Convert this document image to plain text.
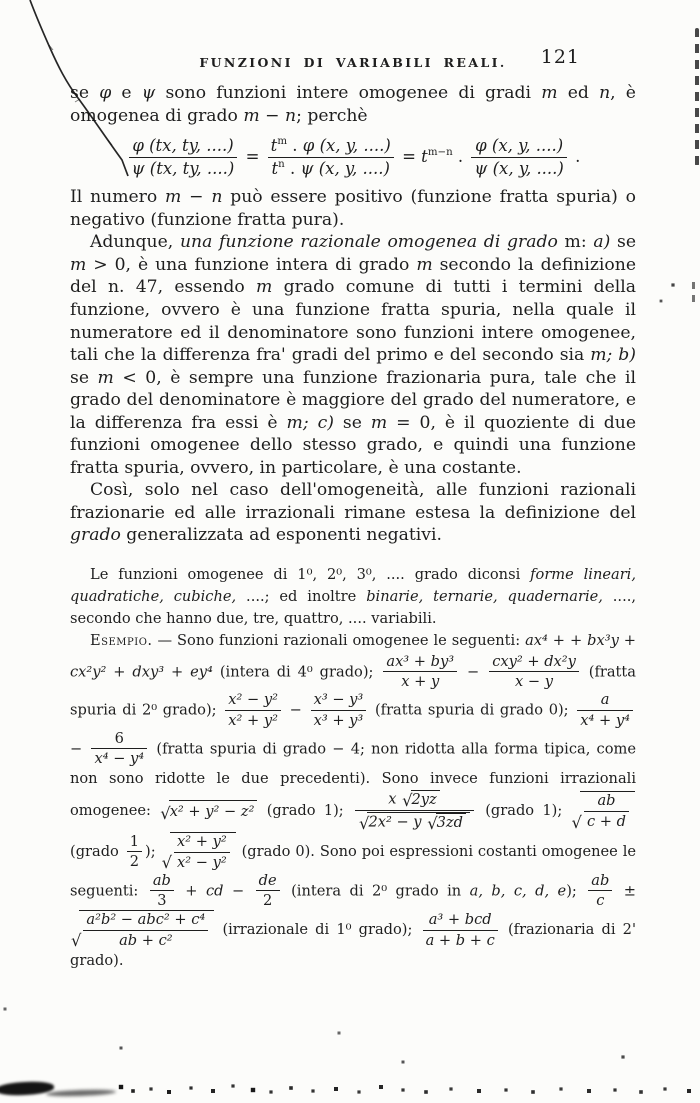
FUNZIONI DI VARIABILI REALI.	121
se φ e ψ sono funzioni intere omogenee di gradi m ed n, è omogenea di grado m − n; perchè
$\frac{\varphi (tx, ty, ....)}{\psi (tx, ty, ....)} = \frac{t^m . \varphi (x, y, ....)}{t^n . \psi (x, y, ....)} = t^{m-n}$ . $\frac{\varphi (x, y, ....)}{\psi (x, y, ....)}$ .
Il numero m − n può essere positivo (funzione fratta spuria) o negativo (funzione fratta pura).
Adunque, una funzione razionale omogenea di grado m: a) se m > 0, è una funzione intera di grado m secondo la definizione del n. 47, essendo m grado comune di tutti i termini della funzione, ovvero è una funzione fratta spuria, nella quale il numeratore ed il denominatore sono funzioni intere omogenee, tali che la differenza fra' gradi del primo e del secondo sia m; b) se m < 0, è sempre una funzione frazionaria pura, tale che il grado del denominatore è maggiore del grado del numeratore, e la differenza fra essi è m; c) se m = 0, è il quoziente di due funzioni omogenee dello stesso grado, e quindi una funzione fratta spuria, ovvero, in particolare, è una costante.
Così, solo nel caso dell'omogeneità, alle funzioni razionali frazionarie ed alle irrazionali rimane estesa la definizione del grado generalizzata ad esponenti negativi.
Le funzioni omogenee di 1⁰, 2⁰, 3⁰, .... grado diconsi forme lineari, quadratiche, cubiche, ....; ed inoltre binarie, ternarie, quadernarie, ...., secondo che hanno due, tre, quattro, .... variabili.
Esempio. — Sono funzioni razionali omogenee le seguenti: ax⁴ + + bx³y + cx²y² + dxy³ + ey⁴ (intera di 4⁰ grado); $\frac{\text{ax³ + by³}}{x + y} - \frac{\text{cxy² + dx²y}}{x - y}$ (fratta spuria di 2⁰ grado); $\frac{\text{x² − y²}}{\text{x² + y²}} - \frac{\text{x³ − y³}}{\text{x³ + y³}}$ (fratta spuria di grado 0); $\frac{a}{\text{x⁴ + y⁴}}$
− $\frac{6}{\text{x⁴ − y⁴}}$ (fratta spuria di grado − 4; non ridotta alla forma tipica, come non sono ridotte le due precedenti). Sono invece funzioni irrazionali omogenee: √ x² + y² − z² (grado 1); $\frac{x √ 2yz}{\text{√ 2x² − y √ 3zd}}$ (grado 1);
√ $\frac{ab}{c + d}$
(grado $\frac{1}{2}$ );
√ $\frac{\text{x² + y²}}{\text{x² − y²}}$ (grado 0). Sono poi espressioni costanti omogenee le seguenti: $\frac{ab}{3}$ + cd − $\frac{de}{2}$ (intera di 2⁰ grado in a, b, c, d, e); $\frac{ab}{c}$ ±
√ $\frac{\text{a²b² − abc² + c⁴}}{\text{ab + c²}}$ (irrazionale di 1⁰ grado); $\frac{\text{a³ + bcd}}{a + b + c}$ (frazionaria di 2' grado).
